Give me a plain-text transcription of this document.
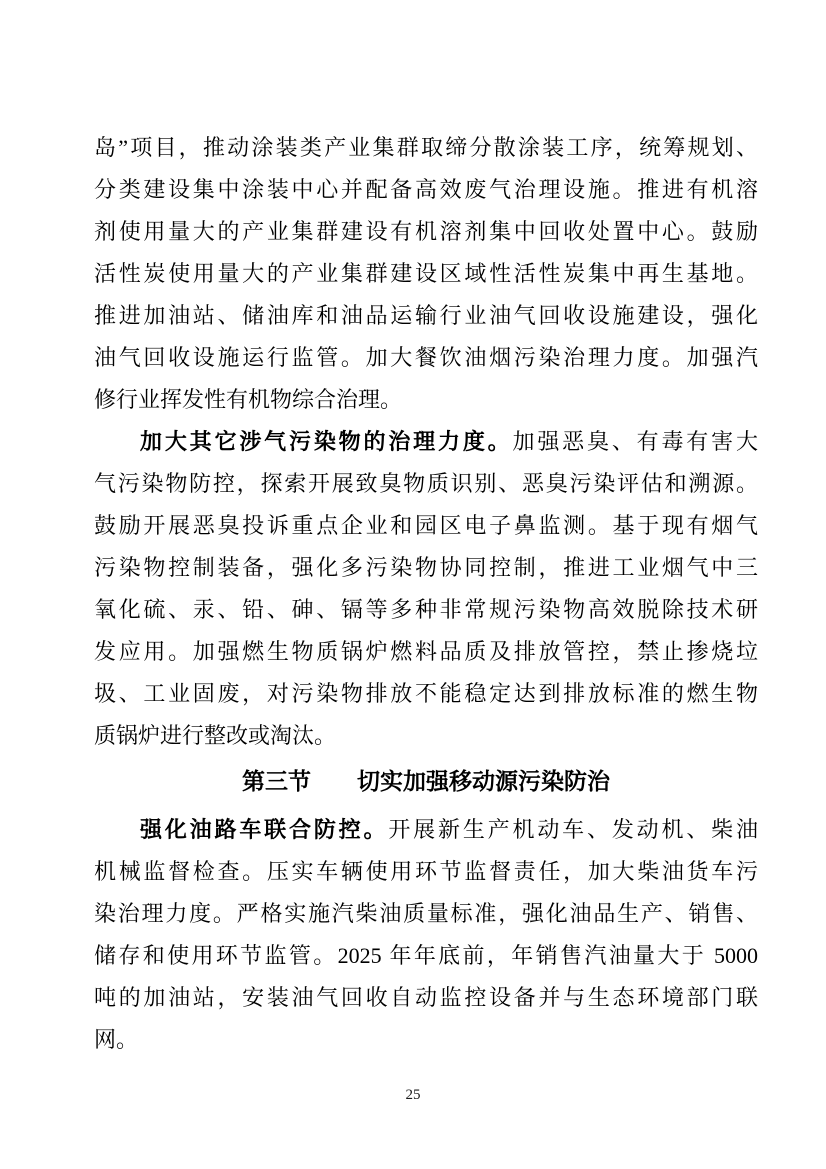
岛”项目，推动涂装类产业集群取缔分散涂装工序，统筹规划、
分类建设集中涂装中心并配备高效废气治理设施。推进有机溶
剂使用量大的产业集群建设有机溶剂集中回收处置中心。鼓励
活性炭使用量大的产业集群建设区域性活性炭集中再生基地。
推进加油站、储油库和油品运输行业油气回收设施建设，强化
油气回收设施运行监管。加大餐饮油烟污染治理力度。加强汽
修行业挥发性有机物综合治理。
加大其它涉气污染物的治理力度。加强恶臭、有毒有害大
气污染物防控，探索开展致臭物质识别、恶臭污染评估和溯源。
鼓励开展恶臭投诉重点企业和园区电子鼻监测。基于现有烟气
污染物控制装备，强化多污染物协同控制，推进工业烟气中三
氧化硫、汞、铅、砷、镉等多种非常规污染物高效脱除技术研
发应用。加强燃生物质锅炉燃料品质及排放管控，禁止掺烧垃
圾、工业固废，对污染物排放不能稳定达到排放标准的燃生物
质锅炉进行整改或淘汰。
第三节　　切实加强移动源污染防治
强化油路车联合防控。开展新生产机动车、发动机、柴油
机械监督检查。压实车辆使用环节监督责任，加大柴油货车污
染治理力度。严格实施汽柴油质量标准，强化油品生产、销售、
储存和使用环节监管。2025 年年底前，年销售汽油量大于 5000
吨的加油站，安装油气回收自动监控设备并与生态环境部门联
网。
25
